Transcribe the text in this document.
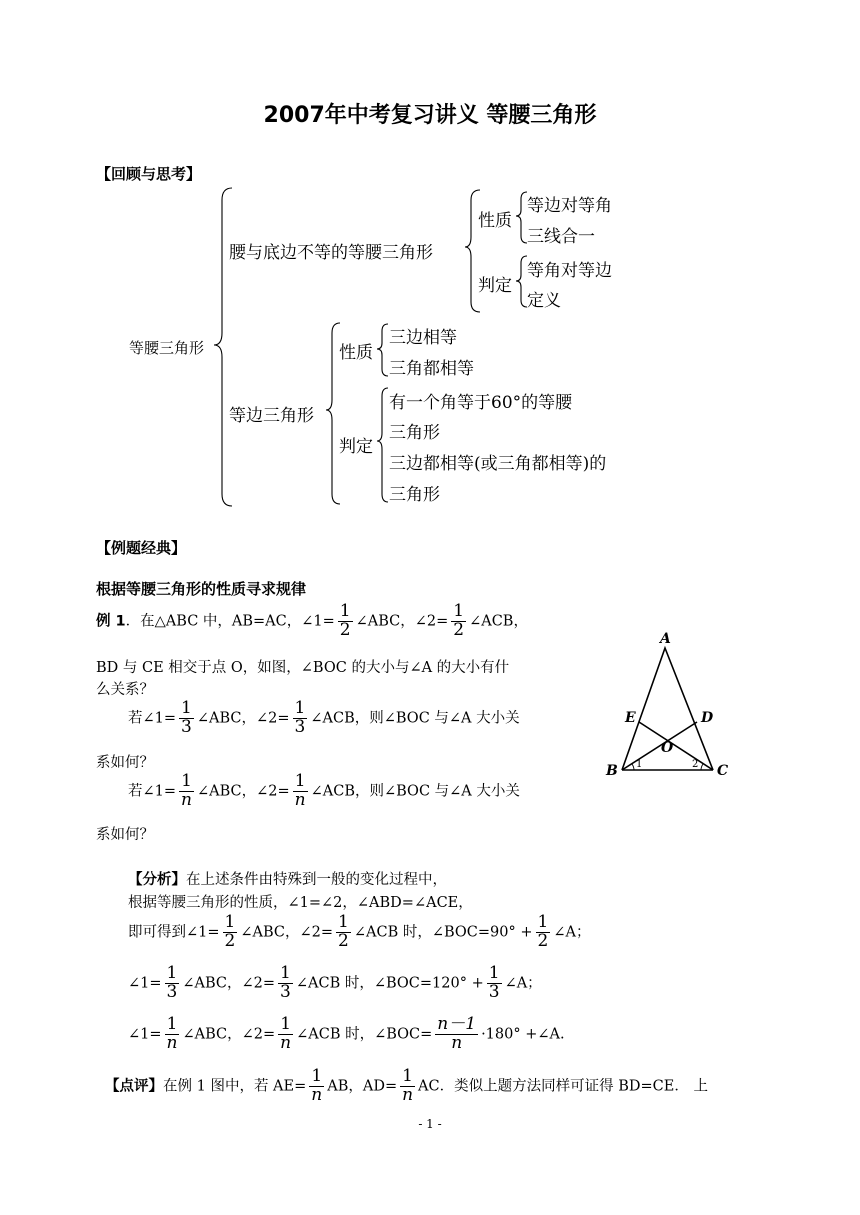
2007年中考复习讲义 等腰三角形
【回顾与思考】
等腰三角形
腰与底边不等的等腰三角形
性质
等边对等角
三线合一
判定
等角对等边
定义
等边三角形
性质
三边相等
三角都相等
判定
有一个角等于60°的等腰
三角形
三边都相等(或三角都相等)的
三角形
【例题经典】
根据等腰三角形的性质寻求规律
例 1．在△ABC 中，AB=AC，∠1= $\frac{1}{2}$ ∠ABC，∠2= $\frac{1}{2}$ ∠ACB，
BD 与 CE 相交于点 O，如图，∠BOC 的大小与∠A 的大小有什
么关系？
若∠1= $\frac{1}{3}$ ∠ABC，∠2= $\frac{1}{3}$ ∠ACB，则∠BOC 与∠A 大小关
系如何？
若∠1= $\frac{1}{n}$ ∠ABC，∠2= $\frac{1}{n}$ ∠ACB，则∠BOC 与∠A 大小关
系如何？
A
B	C
D
E
O
1	2
【分析】在上述条件由特殊到一般的变化过程中，
根据等腰三角形的性质，∠1=∠2，∠ABD=∠ACE，
即可得到∠1= $\frac{1}{2}$ ∠ABC，∠2= $\frac{1}{2}$ ∠ACB 时，∠BOC=90° + $\frac{1}{2}$ ∠A；
∠1= $\frac{1}{3}$ ∠ABC，∠2= $\frac{1}{3}$ ∠ACB 时，∠BOC=120° + $\frac{1}{3}$ ∠A；
∠1= $\frac{1}{n}$ ∠ABC，∠2= $\frac{1}{n}$ ∠ACB 时，∠BOC= $\frac{n-1}{n} \cdot 180^\circ$ +∠A.
【点评】在例 1 图中，若 $AE= \frac{1}{n}$ AB，$AD= \frac{1}{n}$ AC．类似上题方法同样可证得 BD=CE． 上
- 1 -
